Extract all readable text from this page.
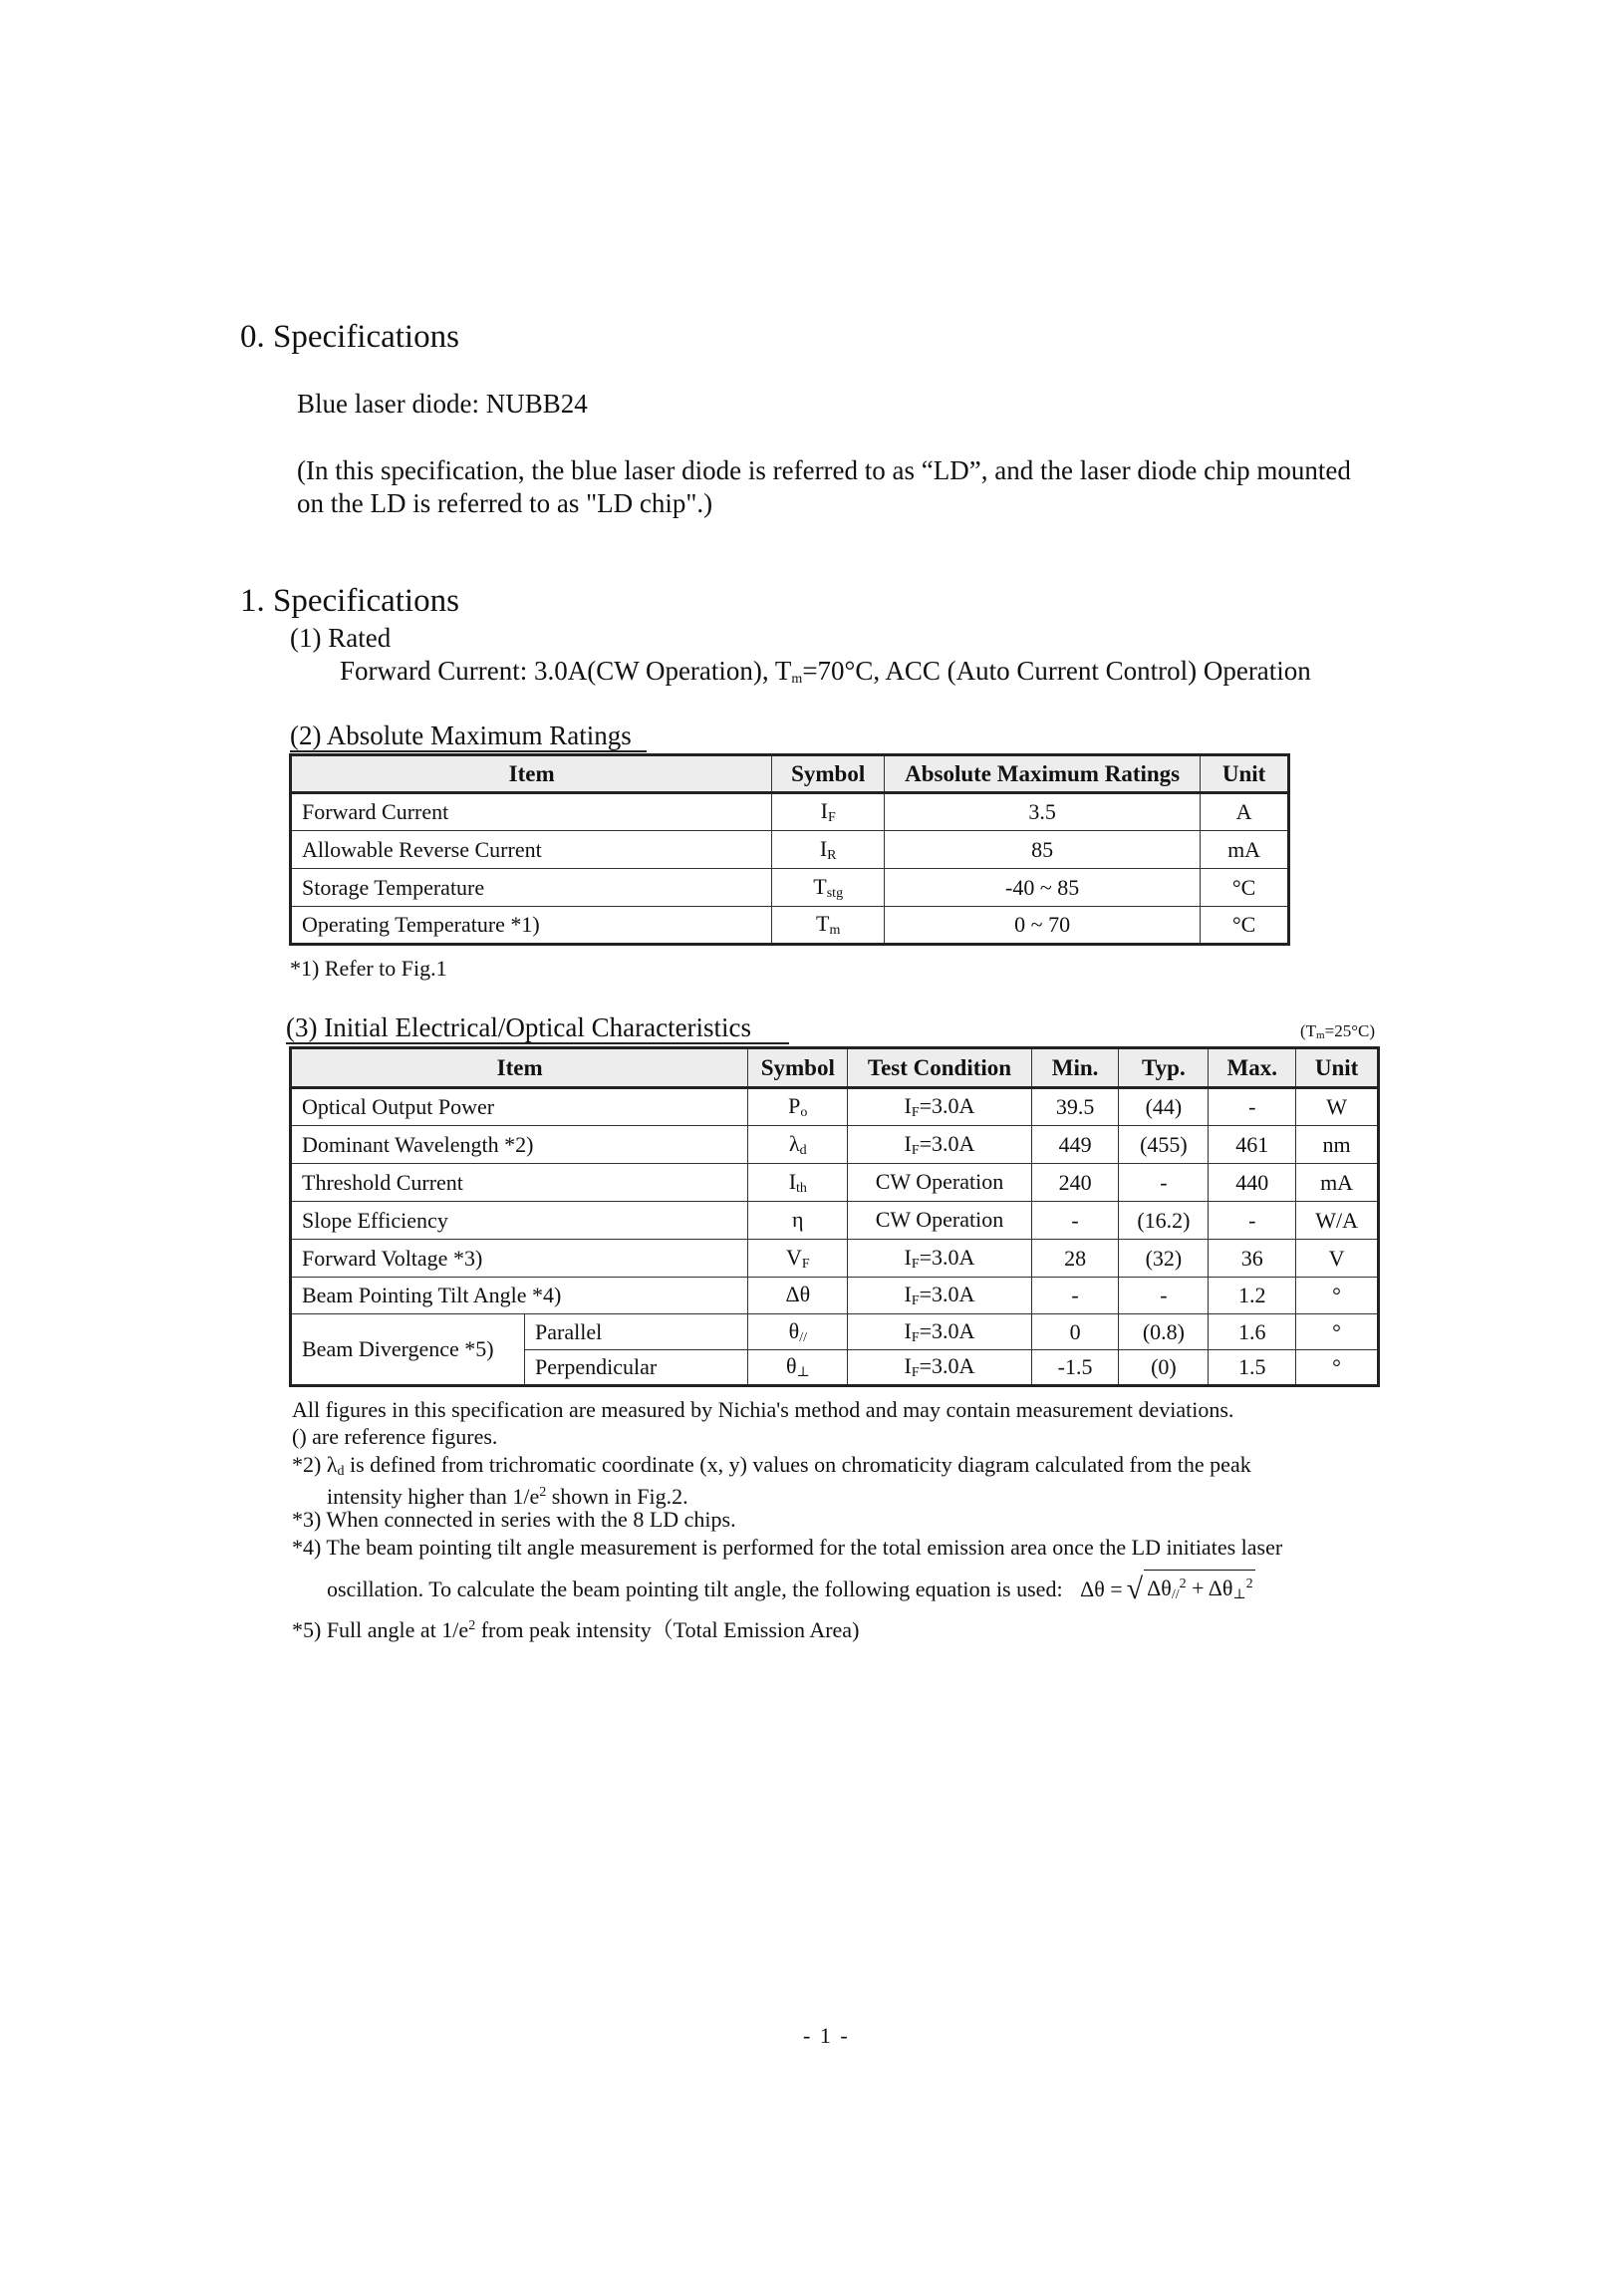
0. Specifications
Blue laser diode: NUBB24
(In this specification, the blue laser diode is referred to as “LD”, and the laser diode chip mounted
on the LD is referred to as "LD chip".)
1. Specifications
(1) Rated
Forward Current: 3.0A(CW Operation), Tm=70°C, ACC (Auto Current Control) Operation
(2) Absolute Maximum Ratings
Item	Symbol	Absolute Maximum Ratings	Unit
Forward Current	IF	3.5	A
Allowable Reverse Current	IR	85	mA
Storage Temperature	Tstg	-40 ~ 85	°C
Operating Temperature *1)	Tm	0 ~ 70	°C
*1) Refer to Fig.1
(3) Initial Electrical/Optical Characteristics	(Tm=25°C)
Item		Symbol	Test Condition	Min.	Typ.	Max.	Unit
Optical Output Power		Po	IF=3.0A	39.5	(44)	-	W
Dominant Wavelength *2)		λd	IF=3.0A	449	(455)	461	nm
Threshold Current		Ith	CW Operation	240	-	440	mA
Slope Efficiency		η	CW Operation	-	(16.2)	-	W/A
Forward Voltage *3)		VF	IF=3.0A	28	(32)	36	V
Beam Pointing Tilt Angle *4)		Δθ	IF=3.0A	-	-	1.2	°
Beam Divergence *5)	Parallel	θ//	IF=3.0A	0	(0.8)	1.6	°
	Perpendicular	θ⊥	IF=3.0A	-1.5	(0)	1.5	°
All figures in this specification are measured by Nichia's method and may contain measurement deviations.
() are reference figures.
*2) λd is defined from trichromatic coordinate (x, y) values on chromaticity diagram calculated from the peak
intensity higher than $1/e^2$ shown in Fig.2.
*3) When connected in series with the 8 LD chips.
*4) The beam pointing tilt angle measurement is performed for the total emission area once the LD initiates laser
oscillation. To calculate the beam pointing tilt angle, the following equation is used: Δθ = √ Δθ//$^2$ + Δθ⊥$^2$
*5) Full angle at $1/e^2$ from peak intensity（Total Emission Area)
- 1 -
